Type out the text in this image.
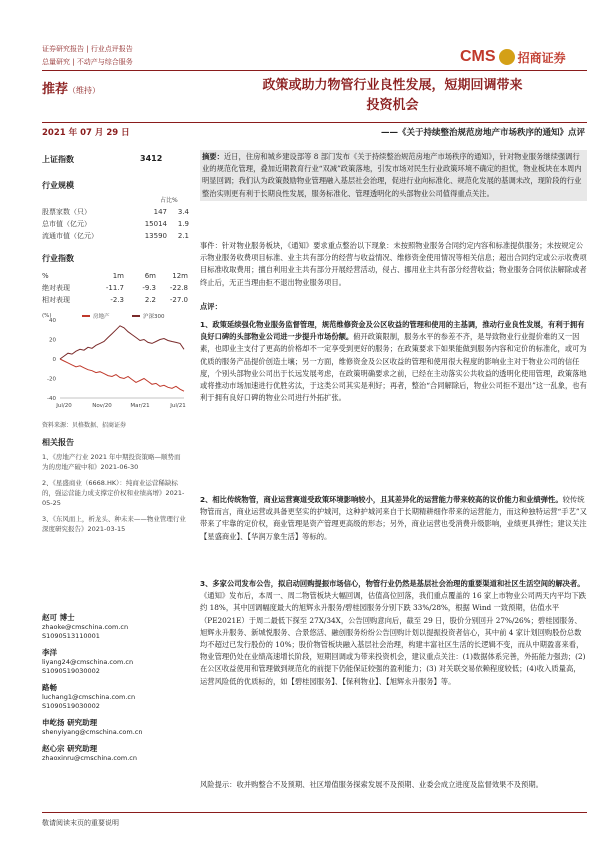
证券研究报告 | 行业点评报告
总量研究 | 不动产与综合服务	CMS 招商证券
推荐（维持）	政策或助力物管行业良性发展，短期回调带来
投资机会
2021 年 07 月 29 日	——《关于持续整治规范房地产市场秩序的通知》点评
上证指数	3412
行业规模
占比%
股票家数（只）	147	3.4
总市值（亿元）	15014	1.9
流通市值（亿元）	13590	2.1
行业指数
%	1m	6m	12m
绝对表现	-11.7	-9.3	-22.8
相对表现	-2.3	2.2	-27.0
(%)
40
20
0
-20
-40
Jul/20	Nov/20	Mar/21	Jul/21
房地产	沪深300
资料来源：贝格数据、招商证券
相关报告
1、《房地产行业 2021 年中期投资策略—顺势而为的房地产破中和》2021-06-30
2、《星盛商业（6668.HK）：纯商业运营稀缺标的，强运营能力成支撑定价权和业绩高增》2021-05-25
3、《东风而上，析龙头、种未来——物业管理行业深度研究报告》2021-03-15
赵可 博士
zhaoke@cmschina.com.cn
S1090513110001
李洋
liyang24@cmschina.com.cn
S1090519030002
路畅
luchang1@cmschina.com.cn
S1090519030002
申屹扬 研究助理
shenyiyang@cmschina.com.cn
赵心宗 研究助理
zhaoxinru@cmschina.com.cn
摘要：近日，住房和城乡建设部等 8 部门发布《关于持续整治规范房地产市场秩序的通知》，针对物业服务继续强调行业的规范化管理，叠加近期教育行业“双减”政策落地，引发市场对民生行业政策环境不确定的担忧，物业板块在本周内明显回调；我们认为政策鼓励物业管理融入基层社会治理，促进行业向标准化、规范化发展的基调未改，现阶段的行业整治实则更有利于长期良性发展，服务标准化、管理透明化的头部物业公司值得重点关注。
事件：针对物业服务板块，《通知》要求重点整治以下现象：未按照物业服务合同约定内容和标准提供服务；未按规定公示物业服务收费项目标准、业主共有部分的经营与收益情况、维修资金使用情况等相关信息；超出合同约定或公示收费项目标准收取费用；擅自利用业主共有部分开展经营活动，侵占、挪用业主共有部分经营收益；物业服务合同依法解除或者终止后，无正当理由拒不退出物业服务项目。
点评：
1、政策延续强化物业服务监督管理，规范维修资金及公区收益的管理和使用的主基调，推动行业良性发展，有利于拥有良好口碑的头部物业公司进一步提升市场份额。俯开政策限制，服务水平的参差不齐，是导致物业行业提价难的又一因素，也即业主支付了更高的价格却不一定享受到更好的服务；在政策要求下如果能做到服务内容和定价的标准化，或可为优质的服务产品提价创造土壤；另一方面，维修资金及公区收益的管理和使用很大程度的影响业主对于物业公司的信任度，个别头部物业公司出于长远发展考虑，在政策明确要求之前，已经在主动落实公共收益的透明化使用管理，政策落地或将推动市场加速进行优胜劣汰，于这类公司其实是利好；再者，整治“合同解除后，物业公司拒不退出”这一乱象，也有利于拥有良好口碑的物业公司进行外拓扩张。
2、相比传统物管，商业运营赛道受政策环境影响较小，且其差异化的运营能力带来较高的议价能力和业绩弹性。较传统物管而言，商业运营或具备更坚实的护城河，这种护城河来自于长期精耕细作带来的运营能力，而这种独特运营“手艺”又带来了牢靠的定价权，商业管理是资产管理更高级的形态；另外，商业运营也受消费升级影响，业绩更具弹性；建议关注【星盛商业】、【华润万象生活】等标的。
3、多家公司发布公告，拟启动回购提振市场信心，物管行业仍然是基层社会治理的重要渠道和社区生活空间的解决者。《通知》发布后，本周一、周二物管板块大幅回调，估值高位回落，我们重点覆盖的 16 家上市物业公司两天内平均下跌约 18%，其中回调幅度最大的旭辉永升服务/碧桂园服务分别下跌 33%/28%，根据 Wind 一致预期，估值水平（PE2021E）于周二最低下探至 27X/34X，公告回购意向后，截至 29 日，股价分别回升 27%/26%；碧桂园服务、旭辉永升服务、新城悦服务、合景悠活、融创服务纷纷公告回购计划以提振投资者信心，其中前 4 家计划回购股份总数均不超过已发行股份的 10%；股价物管板块融入基层社会治理，构建丰富社区生活的长逻辑不变，而从中期盈喜来看，物业管理仍处在业绩高速增长阶段，短期回调或为带来投资机会，建议重点关注：(1)数据体系完善，外拓能力强劲；(2) 在公区收益使用和管理做到规范化的前提下仍能保证较强的盈利能力；(3) 对关联交易依赖程度较低；(4)收入质量高，运营风险低的优质标的，如【碧桂园服务】、【保利物业】、【旭辉永升服务】等。
风险提示：收并购整合不及预期、社区增值服务探索发展不及预期、业委会成立进度及监督效果不及预期。
敬请阅读末页的重要说明
